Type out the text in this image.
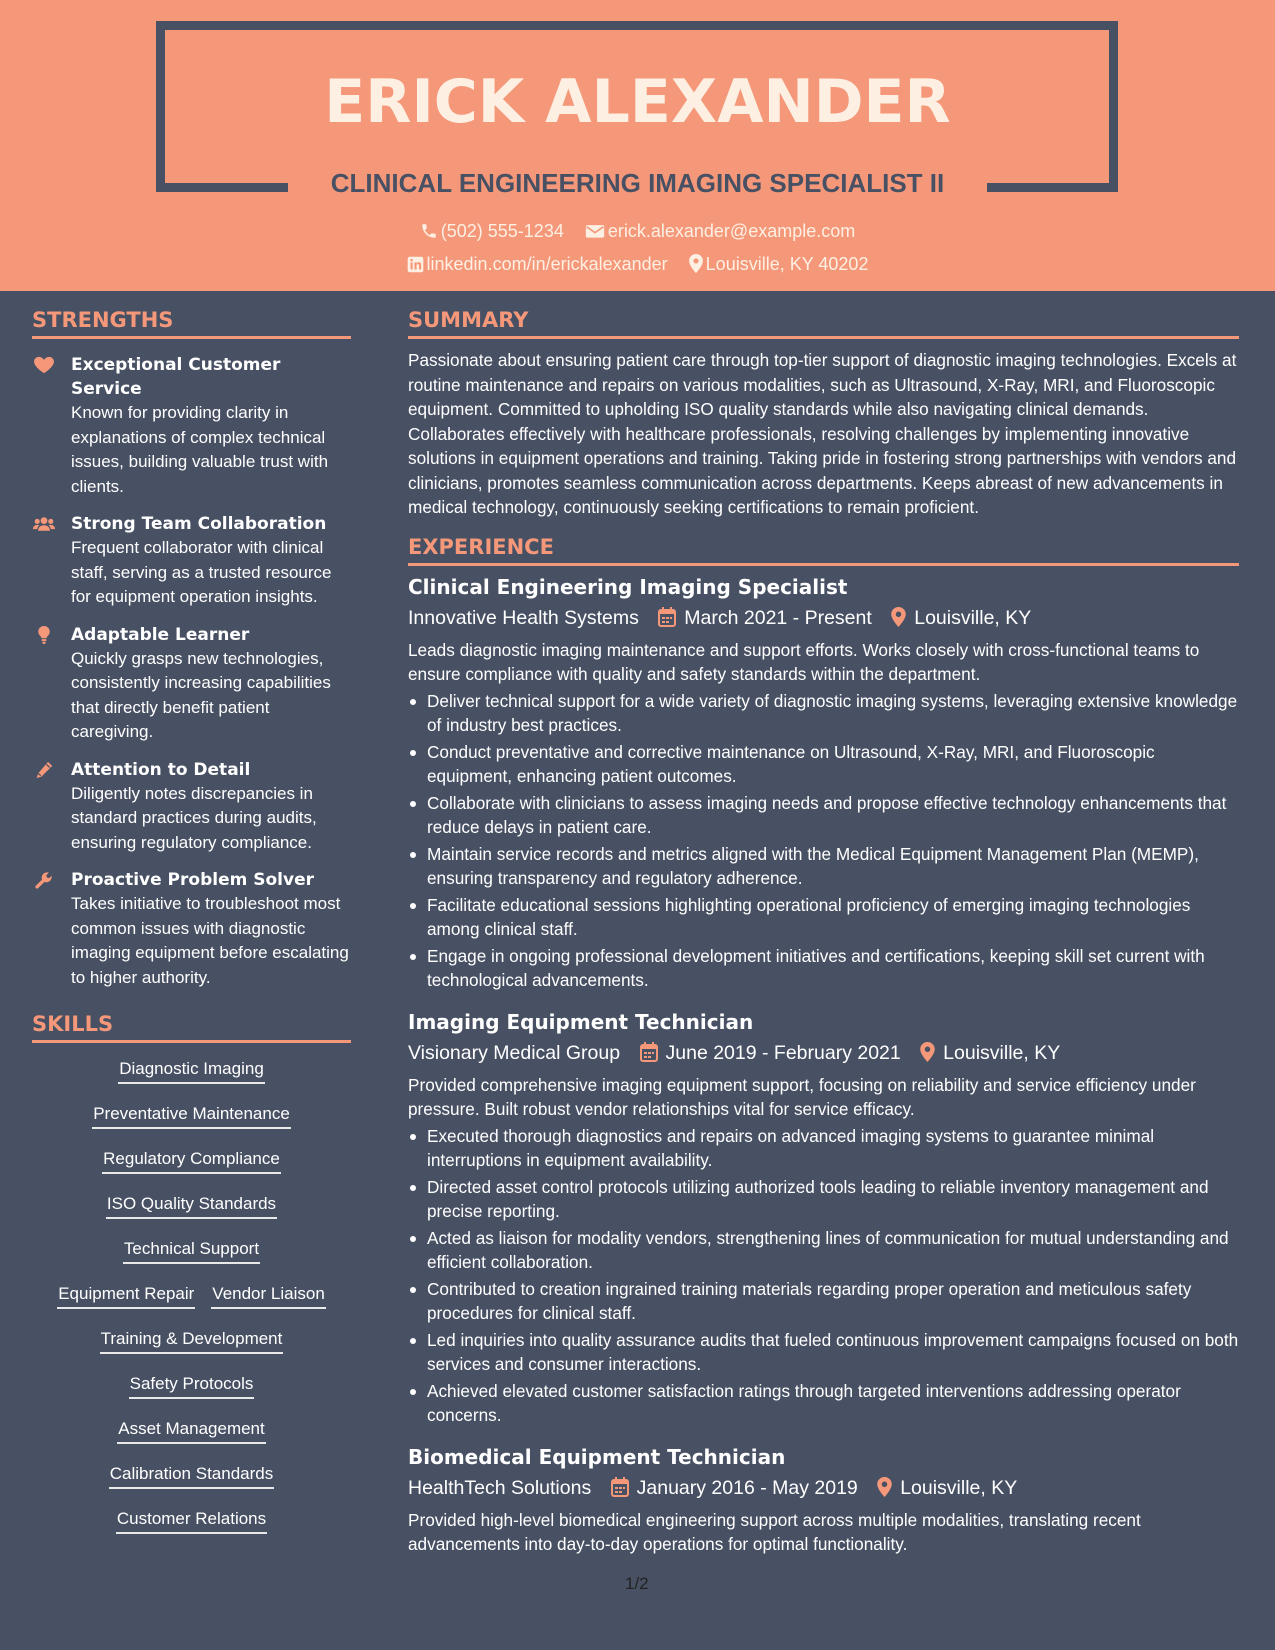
ERICK ALEXANDER
CLINICAL ENGINEERING IMAGING SPECIALIST II
(502) 555-1234 erick.alexander@example.com
linkedin.com/in/erickalexander Louisville, KY 40202
STRENGTHS
Exceptional Customer Service
Known for providing clarity in explanations of complex technical issues, building valuable trust with clients.
Strong Team Collaboration
Frequent collaborator with clinical staff, serving as a trusted resource for equipment operation insights.
Adaptable Learner
Quickly grasps new technologies, consistently increasing capabilities that directly benefit patient caregiving.
Attention to Detail
Diligently notes discrepancies in standard practices during audits, ensuring regulatory compliance.
Proactive Problem Solver
Takes initiative to troubleshoot most common issues with diagnostic imaging equipment before escalating to higher authority.
SKILLS
Diagnostic Imaging
Preventative Maintenance
Regulatory Compliance
ISO Quality Standards
Technical Support
Equipment Repair Vendor Liaison
Training & Development
Safety Protocols
Asset Management
Calibration Standards
Customer Relations
SUMMARY

Passionate about ensuring patient care through top-tier support of diagnostic imaging technologies. Excels at routine maintenance and repairs on various modalities, such as Ultrasound, X-Ray, MRI, and Fluoroscopic equipment. Committed to upholding ISO quality standards while also navigating clinical demands. Collaborates effectively with healthcare professionals, resolving challenges by implementing innovative solutions in equipment operations and training. Taking pride in fostering strong partnerships with vendors and clinicians, promotes seamless communication across departments. Keeps abreast of new advancements in medical technology, continuously seeking certifications to remain proficient.

EXPERIENCE
Clinical Engineering Imaging Specialist
Innovative Health Systems March 2021 - Present Louisville, KY

Leads diagnostic imaging maintenance and support efforts. Works closely with cross-functional teams to ensure compliance with quality and safety standards within the department.

Deliver technical support for a wide variety of diagnostic imaging systems, leveraging extensive knowledge of industry best practices.
Conduct preventative and corrective maintenance on Ultrasound, X-Ray, MRI, and Fluoroscopic equipment, enhancing patient outcomes.
Collaborate with clinicians to assess imaging needs and propose effective technology enhancements that reduce delays in patient care.
Maintain service records and metrics aligned with the Medical Equipment Management Plan (MEMP), ensuring transparency and regulatory adherence.
Facilitate educational sessions highlighting operational proficiency of emerging imaging technologies among clinical staff.
Engage in ongoing professional development initiatives and certifications, keeping skill set current with technological advancements.
Imaging Equipment Technician
Visionary Medical Group June 2019 - February 2021 Louisville, KY

Provided comprehensive imaging equipment support, focusing on reliability and service efficiency under pressure. Built robust vendor relationships vital for service efficacy.

Executed thorough diagnostics and repairs on advanced imaging systems to guarantee minimal interruptions in equipment availability.
Directed asset control protocols utilizing authorized tools leading to reliable inventory management and precise reporting.
Acted as liaison for modality vendors, strengthening lines of communication for mutual understanding and efficient collaboration.
Contributed to creation ingrained training materials regarding proper operation and meticulous safety procedures for clinical staff.
Led inquiries into quality assurance audits that fueled continuous improvement campaigns focused on both services and consumer interactions.
Achieved elevated customer satisfaction ratings through targeted interventions addressing operator concerns.
Biomedical Equipment Technician
HealthTech Solutions January 2016 - May 2019 Louisville, KY

Provided high-level biomedical engineering support across multiple modalities, translating recent advancements into day-to-day operations for optimal functionality.

1/2
